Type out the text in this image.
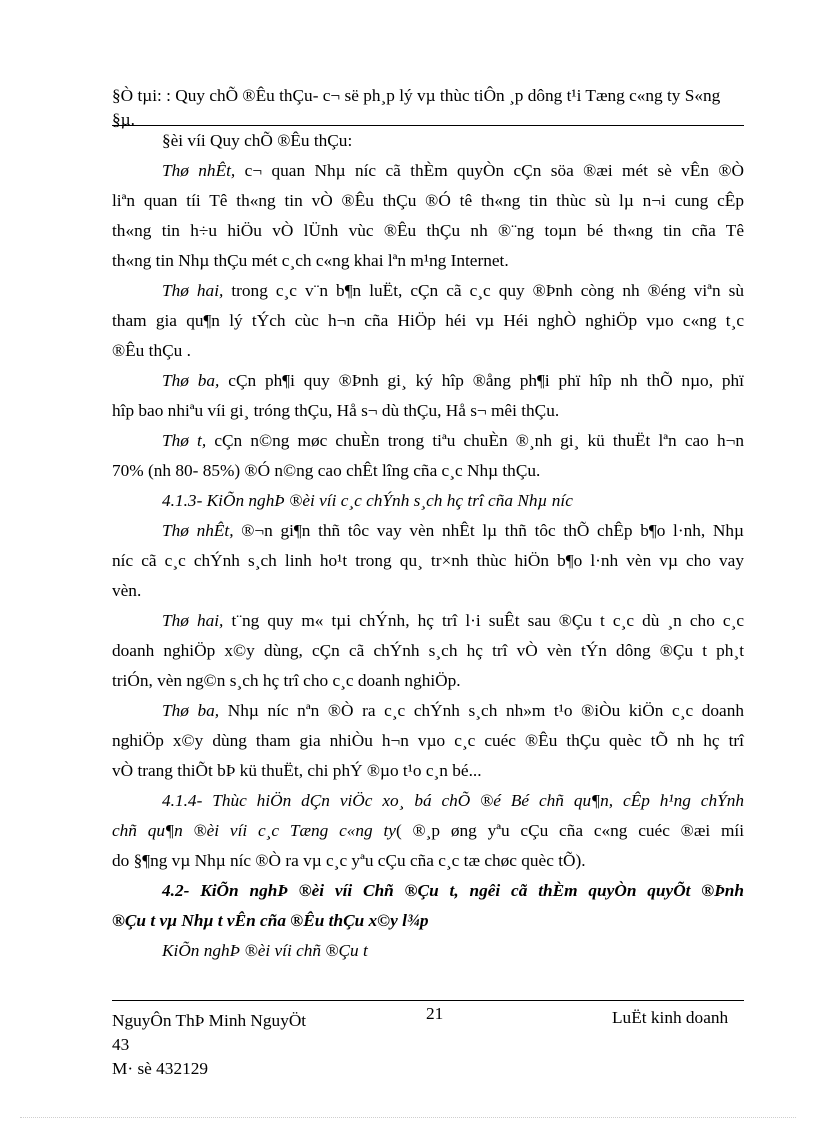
§Ò tµi: : Quy chÕ ®Êu thÇu- c¬ së ph¸p lý vµ thùc tiÔn ¸p dông t¹i Tæng c«ng ty S«ng §µ.
§èi víi Quy chÕ ®Êu thÇu:
Thø nhÊt, c¬ quan Nhµ níc cã thÈm quyÒn cÇn söa ®æi mét sè vÊn ®Ò
liªn quan tíi Tê th«ng tin vÒ ®Êu thÇu ®Ó tê th«ng tin thùc sù lµ n¬i cung cÊp
th«ng tin h÷u hiÖu vÒ lÜnh vùc ®Êu thÇu nh ®¨ng toµn bé th«ng tin cña Tê
th«ng tin Nhµ thÇu mét c¸ch c«ng khai lªn m¹ng Internet.
Thø hai, trong c¸c v¨n b¶n luËt, cÇn cã c¸c quy ®Þnh còng nh ®éng viªn sù
tham gia qu¶n lý tÝch cùc h¬n cña HiÖp héi vµ Héi nghÒ nghiÖp vµo c«ng t¸c
®Êu thÇu .
Thø ba, cÇn ph¶i quy ®Þnh gi¸ ký hîp ®ång ph¶i phï hîp nh thÕ nµo, phï
hîp bao nhiªu víi gi¸ tróng thÇu, Hå s¬ dù thÇu, Hå s¬ mêi thÇu.
Thø t, cÇn n©ng møc chuÈn trong tiªu chuÈn ®¸nh gi¸ kü thuËt lªn cao h¬n
70% (nh 80- 85%) ®Ó n©ng cao chÊt lîng cña c¸c Nhµ thÇu.
4.1.3- KiÕn nghÞ ®èi víi c¸c chÝnh s¸ch hç trî cña Nhµ níc
Thø nhÊt, ®¬n gi¶n thñ tôc vay vèn nhÊt lµ thñ tôc thÕ chÊp b¶o l·nh, Nhµ
níc cã c¸c chÝnh s¸ch linh ho¹t trong qu¸ tr×nh thùc hiÖn b¶o l·nh vèn vµ cho vay
vèn.
Thø hai, t¨ng quy m« tµi chÝnh, hç trî l·i suÊt sau ®Çu t c¸c dù ¸n cho c¸c
doanh nghiÖp x©y dùng, cÇn cã chÝnh s¸ch hç trî vÒ vèn tÝn dông ®Çu t ph¸t
triÓn, vèn ng©n s¸ch hç trî cho c¸c doanh nghiÖp.
Thø ba, Nhµ níc nªn ®Ò ra c¸c chÝnh s¸ch nh»m t¹o ®iÒu kiÖn c¸c doanh
nghiÖp x©y dùng tham gia nhiÒu h¬n vµo c¸c cuéc ®Êu thÇu quèc tÕ nh hç trî
vÒ trang thiÕt bÞ kü thuËt, chi phÝ ®µo t¹o c¸n bé...
4.1.4- Thùc hiÖn dÇn viÖc xo¸ bá chÕ ®é Bé chñ qu¶n, cÊp h¹ng chÝnh
chñ qu¶n ®èi víi c¸c Tæng c«ng ty( ®¸p øng yªu cÇu cña c«ng cuéc ®æi míi
do §¶ng vµ Nhµ níc ®Ò ra vµ c¸c yªu cÇu cña c¸c tæ chøc quèc tÕ).
4.2- KiÕn nghÞ ®èi víi Chñ ®Çu t, ngêi cã thÈm quyÒn quyÕt ®Þnh
®Çu t vµ Nhµ t vÊn cña ®Êu thÇu x©y l¾p
KiÕn nghÞ ®èi víi chñ ®Çu t
NguyÔn ThÞ Minh NguyÖt
43
M· sè 432129
21	LuËt kinh doanh
